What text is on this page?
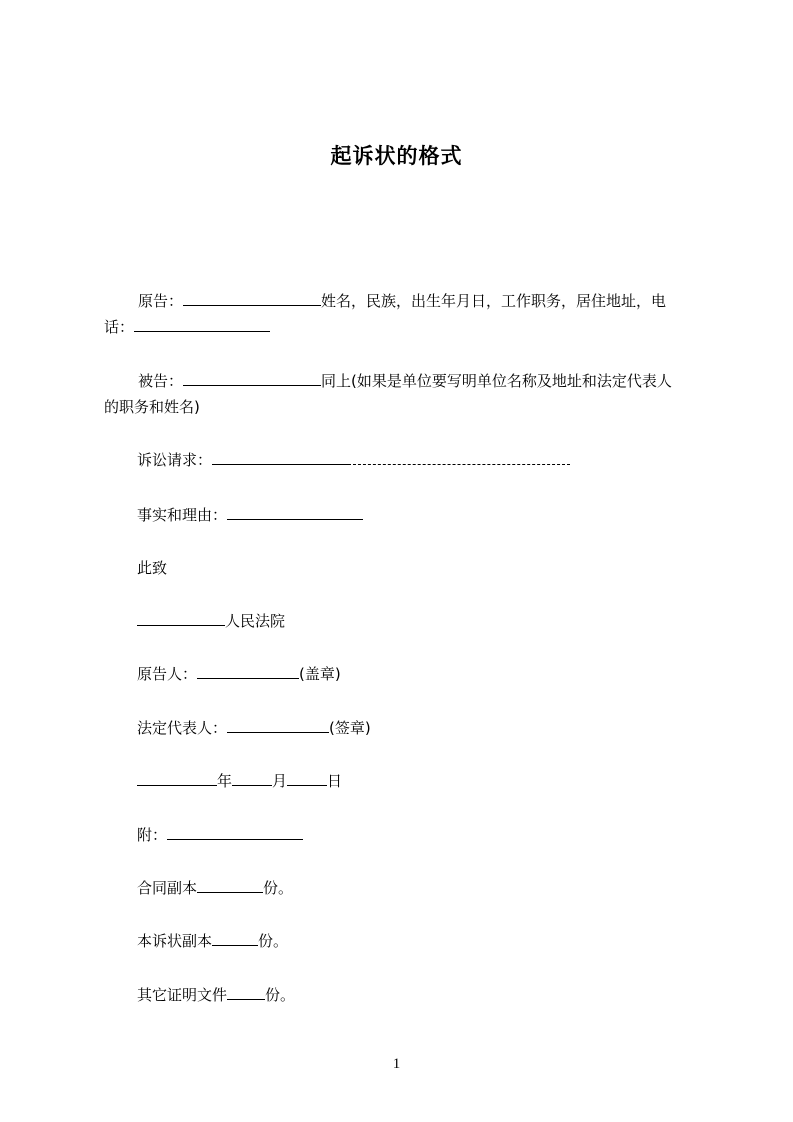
起诉状的格式
原告：	姓名，民族，出生年月日，工作职务，居住地址，电
话：
被告：	同上(如果是单位要写明单位名称及地址和法定代表人
的职务和姓名)
诉讼请求：
事实和理由：
此致
人民法院
原告人：	(盖章)
法定代表人：	(签章)
年	月	日
附：
合同副本	份。
本诉状副本	份。
其它证明文件	份。
1
